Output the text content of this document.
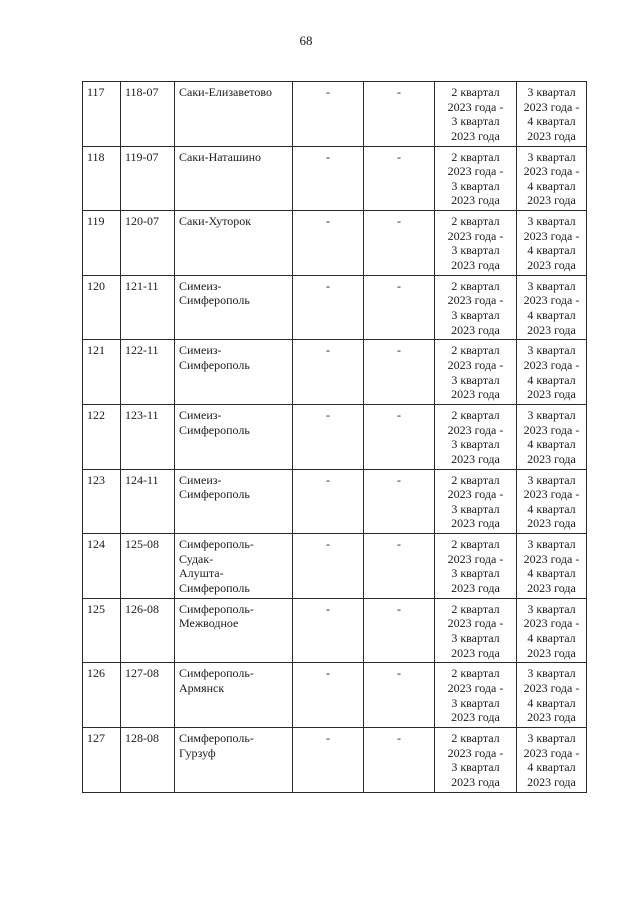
68
117	118-07	Саки-Елизаветово	-	-	2 квартал
2023 года -
3 квартал
2023 года	3 квартал
2023 года -
4 квартал
2023 года
118	119-07	Саки-Наташино	-	-	2 квартал
2023 года -
3 квартал
2023 года	3 квартал
2023 года -
4 квартал
2023 года
119	120-07	Саки-Хуторок	-	-	2 квартал
2023 года -
3 квартал
2023 года	3 квартал
2023 года -
4 квартал
2023 года
120	121-11	Симеиз-
Симферополь	-	-	2 квартал
2023 года -
3 квартал
2023 года	3 квартал
2023 года -
4 квартал
2023 года
121	122-11	Симеиз-
Симферополь	-	-	2 квартал
2023 года -
3 квартал
2023 года	3 квартал
2023 года -
4 квартал
2023 года
122	123-11	Симеиз-
Симферополь	-	-	2 квартал
2023 года -
3 квартал
2023 года	3 квартал
2023 года -
4 квартал
2023 года
123	124-11	Симеиз-
Симферополь	-	-	2 квартал
2023 года -
3 квартал
2023 года	3 квартал
2023 года -
4 квартал
2023 года
124	125-08	Симферополь-Судак-
Алушта-
Симферополь	-	-	2 квартал
2023 года -
3 квартал
2023 года	3 квартал
2023 года -
4 квартал
2023 года
125	126-08	Симферополь-
Межводное	-	-	2 квартал
2023 года -
3 квартал
2023 года	3 квартал
2023 года -
4 квартал
2023 года
126	127-08	Симферополь-
Армянск	-	-	2 квартал
2023 года -
3 квартал
2023 года	3 квартал
2023 года -
4 квартал
2023 года
127	128-08	Симферополь-
Гурзуф	-	-	2 квартал
2023 года -
3 квартал
2023 года	3 квартал
2023 года -
4 квартал
2023 года
